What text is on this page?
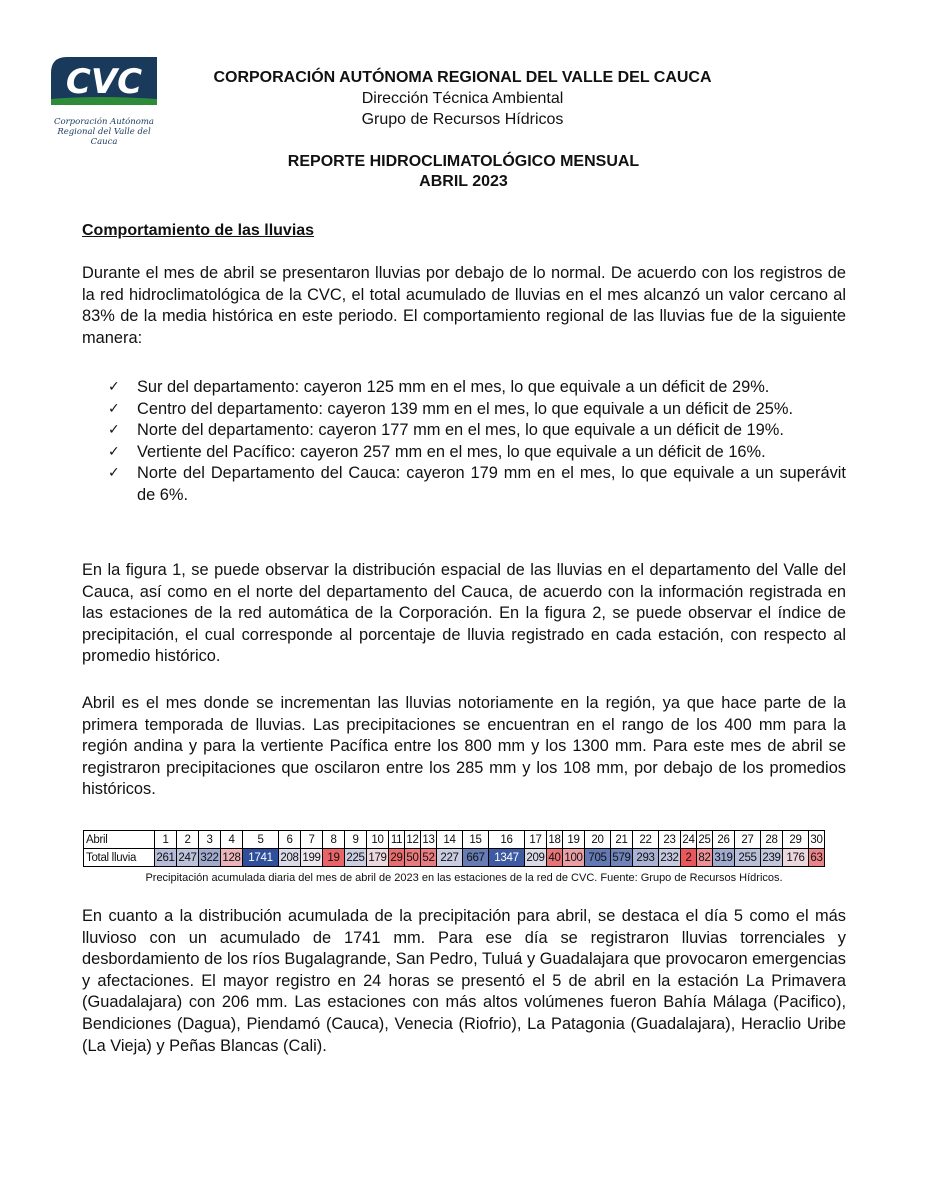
CVC
Corporación Autónoma
Regional del Valle del Cauca
CORPORACIÓN AUTÓNOMA REGIONAL DEL VALLE DEL CAUCA
Dirección Técnica Ambiental
Grupo de Recursos Hídricos
REPORTE HIDROCLIMATOLÓGICO MENSUAL
ABRIL 2023
Comportamiento de las lluvias
Durante el mes de abril se presentaron lluvias por debajo de lo normal. De acuerdo con los registros de la red hidroclimatológica de la CVC, el total acumulado de lluvias en el mes alcanzó un valor cercano al 83% de la media histórica en este periodo. El comportamiento regional de las lluvias fue de la siguiente manera:
✓ Sur del departamento: cayeron 125 mm en el mes, lo que equivale a un déficit de 29%.
✓ Centro del departamento: cayeron 139 mm en el mes, lo que equivale a un déficit de 25%.
✓ Norte del departamento: cayeron 177 mm en el mes, lo que equivale a un déficit de 19%.
✓ Vertiente del Pacífico: cayeron 257 mm en el mes, lo que equivale a un déficit de 16%.
✓ Norte del Departamento del Cauca: cayeron 179 mm en el mes, lo que equivale a un superávit de 6%.
En la figura 1, se puede observar la distribución espacial de las lluvias en el departamento del Valle del Cauca, así como en el norte del departamento del Cauca, de acuerdo con la información registrada en las estaciones de la red automática de la Corporación. En la figura 2, se puede observar el índice de precipitación, el cual corresponde al porcentaje de lluvia registrado en cada estación, con respecto al promedio histórico.
Abril es el mes donde se incrementan las lluvias notoriamente en la región, ya que hace parte de la primera temporada de lluvias. Las precipitaciones se encuentran en el rango de los 400 mm para la región andina y para la vertiente Pacífica entre los 800 mm y los 1300 mm. Para este mes de abril se registraron precipitaciones que oscilaron entre los 285 mm y los 108 mm, por debajo de los promedios históricos.
Abril	1	2	3	4	5	6	7	8	9	10	11	12	13	14	15	16	17	18	19	20	21	22	23	24	25	26	27	28	29	30
Total lluvia	261	247	322	128	1741	208	199	19	225	179	29	50	52	227	667	1347	209	40	100	705	579	293	232	2	82	319	255	239	176	63
Precipitación acumulada diaria del mes de abril de 2023 en las estaciones de la red de CVC. Fuente: Grupo de Recursos Hídricos.
En cuanto a la distribución acumulada de la precipitación para abril, se destaca el día 5 como el más lluvioso con un acumulado de 1741 mm. Para ese día se registraron lluvias torrenciales y desbordamiento de los ríos Bugalagrande, San Pedro, Tuluá y Guadalajara que provocaron emergencias y afectaciones. El mayor registro en 24 horas se presentó el 5 de abril en la estación La Primavera (Guadalajara) con 206 mm. Las estaciones con más altos volúmenes fueron Bahía Málaga (Pacifico), Bendiciones (Dagua), Piendamó (Cauca), Venecia (Riofrio), La Patagonia (Guadalajara), Heraclio Uribe (La Vieja) y Peñas Blancas (Cali).
